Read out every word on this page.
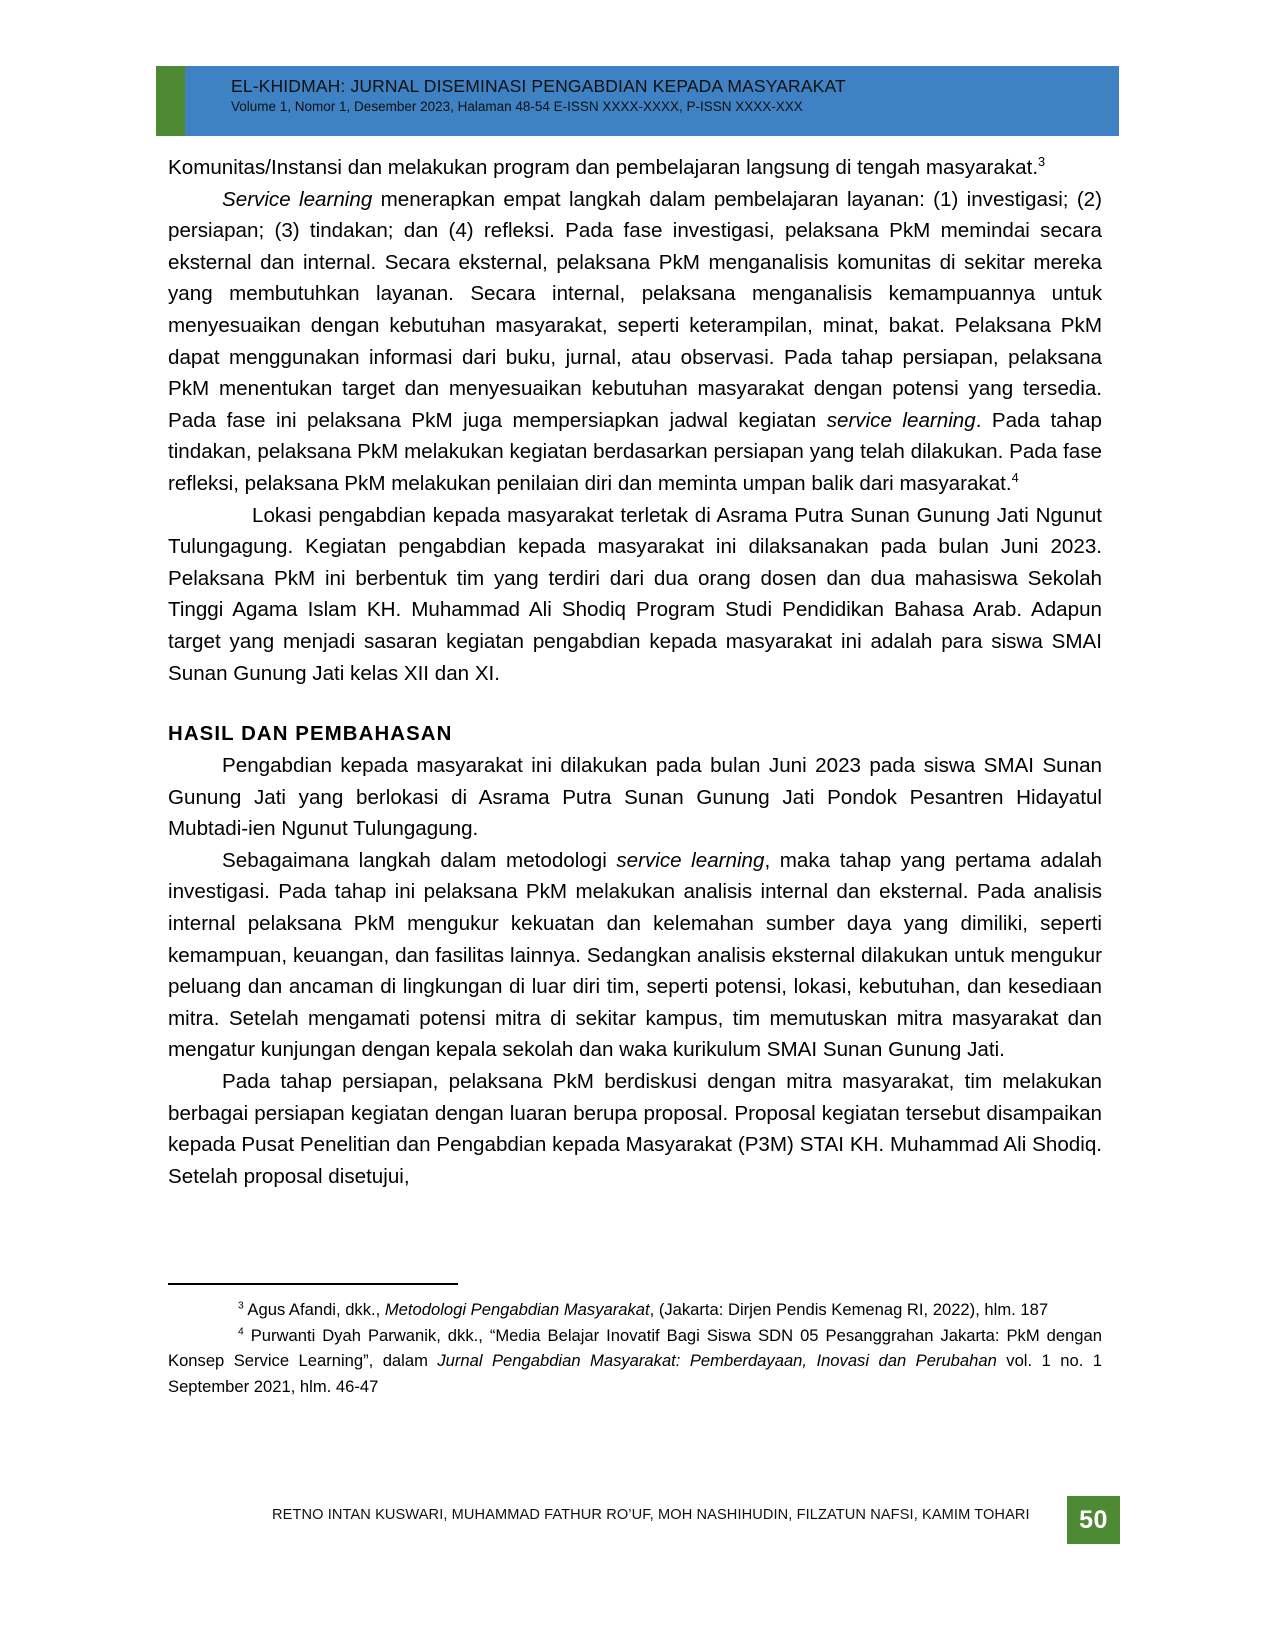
EL-KHIDMAH: JURNAL DISEMINASI PENGABDIAN KEPADA MASYARAKAT
Volume 1, Nomor 1, Desember 2023, Halaman 48-54 E-ISSN XXXX-XXXX, P-ISSN XXXX-XXX

Komunitas/Instansi dan melakukan program dan pembelajaran langsung di tengah masyarakat.$^3$

Service learning menerapkan empat langkah dalam pembelajaran layanan: (1) investigasi; (2) persiapan; (3) tindakan; dan (4) refleksi. Pada fase investigasi, pelaksana PkM memindai secara eksternal dan internal. Secara eksternal, pelaksana PkM menganalisis komunitas di sekitar mereka yang membutuhkan layanan. Secara internal, pelaksana menganalisis kemampuannya untuk menyesuaikan dengan kebutuhan masyarakat, seperti keterampilan, minat, bakat. Pelaksana PkM dapat menggunakan informasi dari buku, jurnal, atau observasi. Pada tahap persiapan, pelaksana PkM menentukan target dan menyesuaikan kebutuhan masyarakat dengan potensi yang tersedia. Pada fase ini pelaksana PkM juga mempersiapkan jadwal kegiatan service learning. Pada tahap tindakan, pelaksana PkM melakukan kegiatan berdasarkan persiapan yang telah dilakukan. Pada fase refleksi, pelaksana PkM melakukan penilaian diri dan meminta umpan balik dari masyarakat.$^4$

Lokasi pengabdian kepada masyarakat terletak di Asrama Putra Sunan Gunung Jati Ngunut Tulungagung. Kegiatan pengabdian kepada masyarakat ini dilaksanakan pada bulan Juni 2023. Pelaksana PkM ini berbentuk tim yang terdiri dari dua orang dosen dan dua mahasiswa Sekolah Tinggi Agama Islam KH. Muhammad Ali Shodiq Program Studi Pendidikan Bahasa Arab. Adapun target yang menjadi sasaran kegiatan pengabdian kepada masyarakat ini adalah para siswa SMAI Sunan Gunung Jati kelas XII dan XI.

HASIL DAN PEMBAHASAN

Pengabdian kepada masyarakat ini dilakukan pada bulan Juni 2023 pada siswa SMAI Sunan Gunung Jati yang berlokasi di Asrama Putra Sunan Gunung Jati Pondok Pesantren Hidayatul Mubtadi-ien Ngunut Tulungagung.

Sebagaimana langkah dalam metodologi service learning, maka tahap yang pertama adalah investigasi. Pada tahap ini pelaksana PkM melakukan analisis internal dan eksternal. Pada analisis internal pelaksana PkM mengukur kekuatan dan kelemahan sumber daya yang dimiliki, seperti kemampuan, keuangan, dan fasilitas lainnya. Sedangkan analisis eksternal dilakukan untuk mengukur peluang dan ancaman di lingkungan di luar diri tim, seperti potensi, lokasi, kebutuhan, dan kesediaan mitra. Setelah mengamati potensi mitra di sekitar kampus, tim memutuskan mitra masyarakat dan mengatur kunjungan dengan kepala sekolah dan waka kurikulum SMAI Sunan Gunung Jati.

Pada tahap persiapan, pelaksana PkM berdiskusi dengan mitra masyarakat, tim melakukan berbagai persiapan kegiatan dengan luaran berupa proposal. Proposal kegiatan tersebut disampaikan kepada Pusat Penelitian dan Pengabdian kepada Masyarakat (P3M) STAI KH. Muhammad Ali Shodiq. Setelah proposal disetujui,

$^3$ Agus Afandi, dkk., Metodologi Pengabdian Masyarakat, (Jakarta: Dirjen Pendis Kemenag RI, 2022), hlm. 187

$^4$ Purwanti Dyah Parwanik, dkk., “Media Belajar Inovatif Bagi Siswa SDN 05 Pesanggrahan Jakarta: PkM dengan Konsep Service Learning”, dalam Jurnal Pengabdian Masyarakat: Pemberdayaan, Inovasi dan Perubahan vol. 1 no. 1 September 2021, hlm. 46-47

RETNO INTAN KUSWARI, MUHAMMAD FATHUR RO’UF, MOH NASHIHUDIN, FILZATUN NAFSI, KAMIM TOHARI	50
